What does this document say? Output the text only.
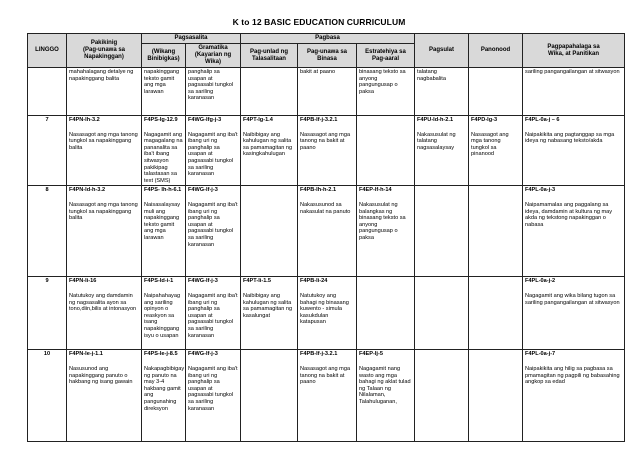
K to 12 BASIC EDUCATION CURRICULUM
LINGGO	Pakikinig
(Pag-unawa sa
Napakinggan)	Pagsasalita		Pagbasa			Pagsulat	Panonood	Pagpapahalaga sa
Wika, at Panitikan
		(Wikang
Binibigkas)	Gramatika
(Kayarian ng
Wika)	Pag-unlad ng
Talasalitaan	Pag-unawa sa
Binasa	Estratehiya sa
Pag-aaral			

	mahahalagang detalye ng napakinggang balita	napakinggang teksto gamit ang mga larawan	panghalip sa usapan at pagsasabi tungkol sa sariling karanasan		bakit at paano	binasang teksto sa anyong pangungusap o paksa	talatang nagbabalita		sariling pangangailangan at sitwasyon

7	F4PN-Ih-3.2
Nasasagot ang mga tanong tungkol sa napakinggang balita	F4PS-Ig-12.9
Nagagamit ang magagalang na pananalita sa iba't ibang sitwasyon pakikipag talastasan sa text (SMS)	F4WG-Ifg-j-3
Nagagamit ang iba't ibang uri ng panghalip sa usapan at pagsasabi tungkol sa sariling karanasan	F4PT-Ig-1.4
Naibibigay ang kahulugan ng salita sa pamamagitan ng kasingkahulugan	F4PB-If-j-3.2.1
Nasasagot ang mga tanong na bakit at paano		F4PU-Id-h-2.1
Nakasusulat ng talatang nagsasalaysay	F4PD-Ig-3
Nasasagot ang mga tanong tungkol sa pinanood	F4PL-0a-j – 6
Naipakikita ang pagtanggap sa mga ideya ng nabasang teksto/akda

8	F4PN-Id-h-3.2
Nasasagot ang mga tanong tungkol sa napakinggang balita	F4PS- Ih-h-6.1
Naisasalaysay muli ang napakinggang teksto gamit ang mga larawan	F4WG-If-j-3
Nagagamit ang iba't ibang uri ng panghalip sa usapan at pagsasabi tungkol sa sariling karanasan		F4PB-Ih-h-2.1
Nakasusunod sa nakasulat na panuto	F4EP-If-h-14
Nakasusulat ng balangkas ng binasang teksto sa anyong pangungusap o paksa			F4PL-0a-j-3
Naipamamalas ang paggalang sa ideya, damdamin at kultura ng may akda ng tekstong napakinggan o nabasa

9	F4PN-Ii-16
Natutukoy ang damdamin ng nagsasalita ayon sa tono,diin,bilis at intonasyon	F4PS-Id-i-1
Naipahahayag ang sariling opinyon o reaskyon sa isang napakinggang isyu o usapan	F4WG-If-j-3
Nagagamit ang iba't ibang uri ng panghalip sa usapan at pagsasabi tungkol sa sariling karanasan	F4PT-Ii-1.5
Naibibigay ang kahulugan ng salita sa pamamagitan ng kasalungat	F4PB-Ii-24
Natutukoy ang bahagi ng binasang kuwento - simula kasukdulan katapusan				F4PL-0a-j-2
Nagagamit ang wika bilang tugon sa sariling pangangailangan at sitwasyon

10	F4PN-Ie-j-1.1
Nasusunod ang napakinggang panuto o hakbang ng isang gawain	F4PS-Ie-j-8.5
Nakapagbibigay ng panuto na may 3-4 hakbang gamit ang pangunahing direksyon	F4WG-If-j-3
Nagagamit ang iba't ibang uri ng panghalip sa usapan at pagsasabi tungkol sa sariling karanasan		F4PB-If-j-3.2.1
Nasasagot ang mga tanong na bakit at paano	F4EP-Ij-5
Nagagamit nang wasto ang mga bahagi ng aklat tulad ng Talaan ng Nilalaman, Talahuluganan,			F4PL-0a-j-7
Naipakikita ang hilig sa pagbasa sa pmamagitan ng pagpili ng babasahing angkop sa edad
